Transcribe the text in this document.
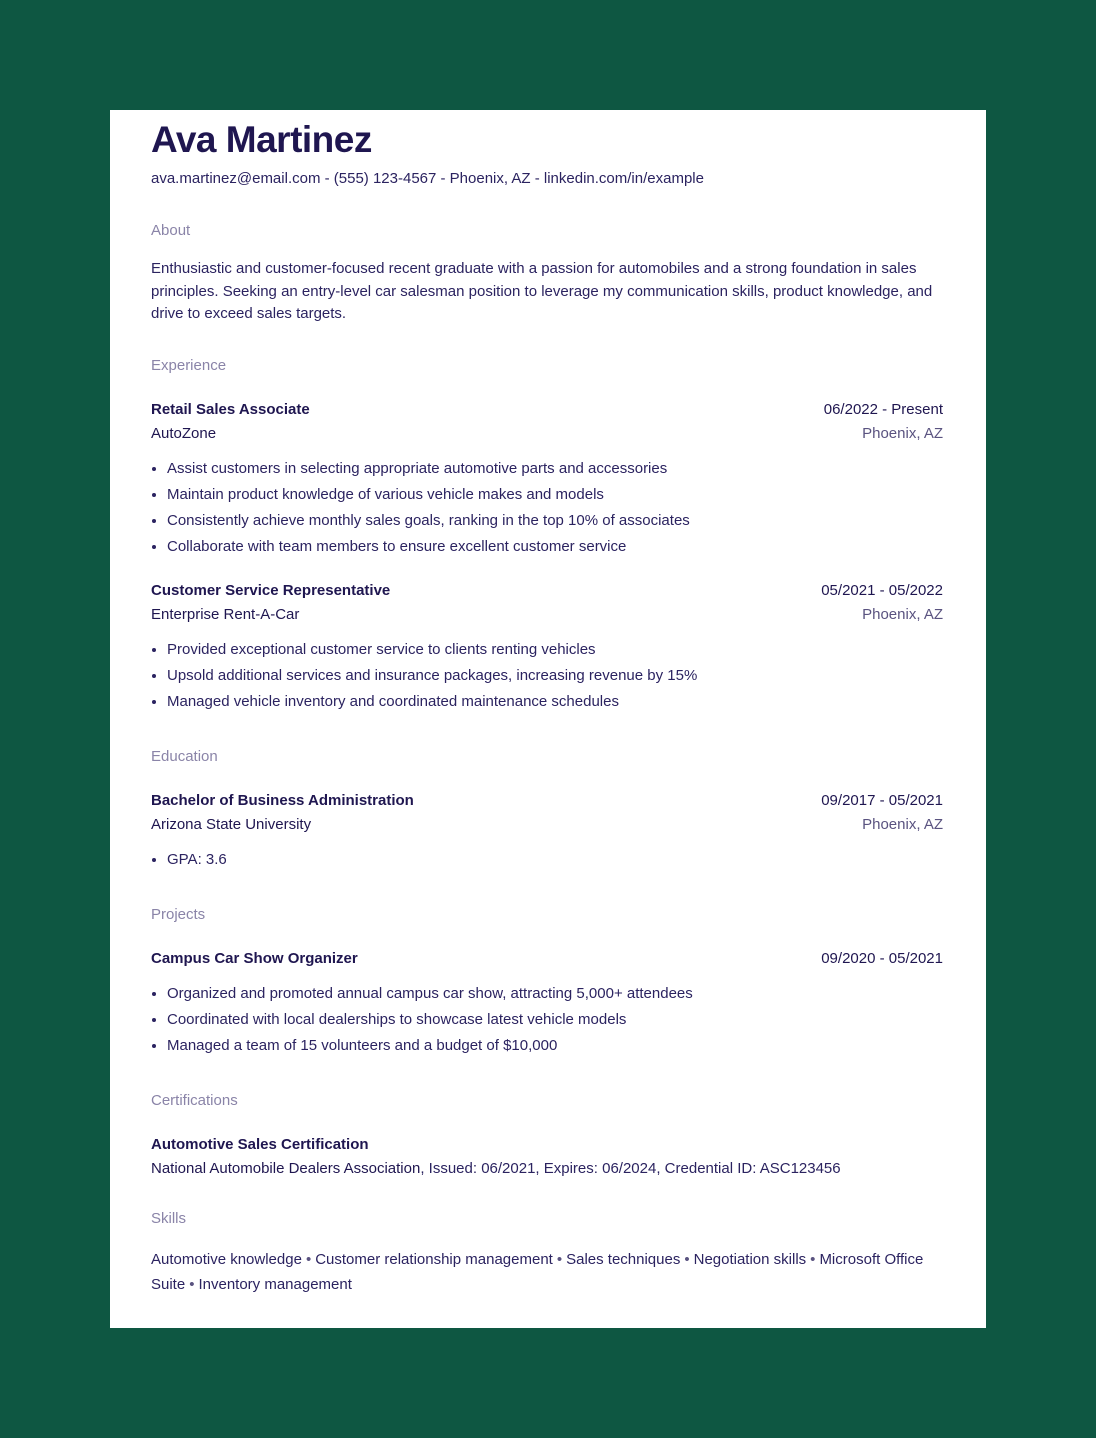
Ava Martinez
ava.martinez@email.com - (555) 123-4567 - Phoenix, AZ - linkedin.com/in/example
About
Enthusiastic and customer-focused recent graduate with a passion for automobiles and a strong foundation in sales principles. Seeking an entry-level car salesman position to leverage my communication skills, product knowledge, and drive to exceed sales targets.
Experience
Retail Sales Associate	06/2022 - Present
AutoZone	Phoenix, AZ
• Assist customers in selecting appropriate automotive parts and accessories
• Maintain product knowledge of various vehicle makes and models
• Consistently achieve monthly sales goals, ranking in the top 10% of associates
• Collaborate with team members to ensure excellent customer service
Customer Service Representative	05/2021 - 05/2022
Enterprise Rent-A-Car	Phoenix, AZ
• Provided exceptional customer service to clients renting vehicles
• Upsold additional services and insurance packages, increasing revenue by 15%
• Managed vehicle inventory and coordinated maintenance schedules
Education
Bachelor of Business Administration	09/2017 - 05/2021
Arizona State University	Phoenix, AZ
• GPA: 3.6
Projects
Campus Car Show Organizer	09/2020 - 05/2021
• Organized and promoted annual campus car show, attracting 5,000+ attendees
• Coordinated with local dealerships to showcase latest vehicle models
• Managed a team of 15 volunteers and a budget of $10,000
Certifications
Automotive Sales Certification
National Automobile Dealers Association, Issued: 06/2021, Expires: 06/2024, Credential ID: ASC123456
Skills
Automotive knowledge • Customer relationship management • Sales techniques • Negotiation skills • Microsoft Office Suite • Inventory management
